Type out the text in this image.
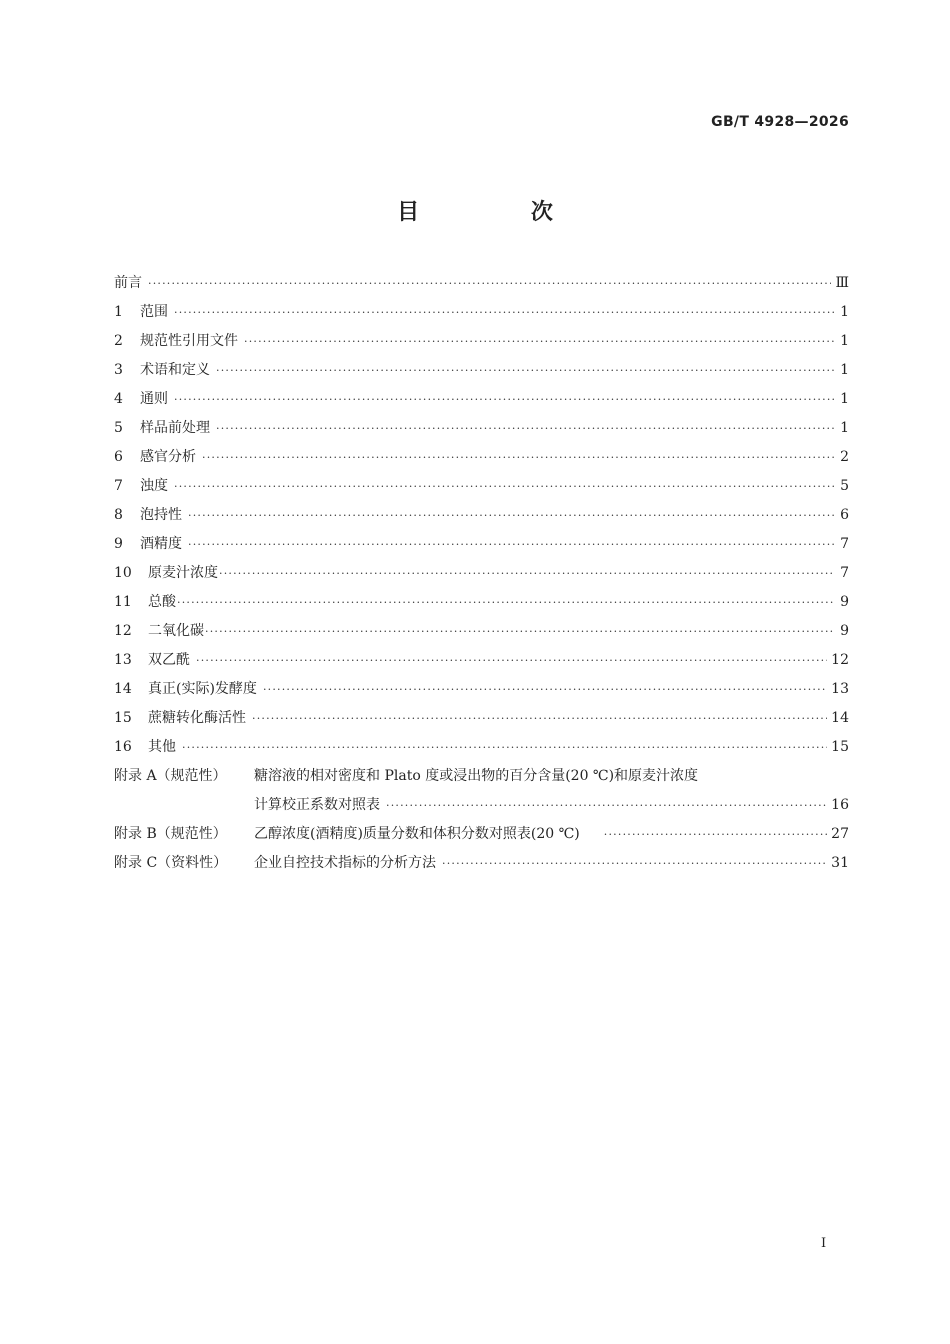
GB/T 4928—2026
目 次
前言 ·····	Ⅲ
1	范围 ·····	1
2	规范性引用文件 ·····	1
3	术语和定义 ·····	1
4	通则 ·····	1
5	样品前处理 ·····	1
6	感官分析 ·····	2
7	浊度 ·····	5
8	泡持性 ·····	6
9	酒精度 ·····	7
10	原麦汁浓度 ·····	7
11	总酸 ·····	9
12	二氧化碳 ·····	9
13	双乙酰 ·····	12
14	真正(实际)发酵度 ·····	13
15	蔗糖转化酶活性 ·····	14
16	其他 ·····	15
附录 A（规范性）	糖溶液的相对密度和 Plato 度或浸出物的百分含量(20 ℃)和原麦汁浓度
计算校正系数对照表 ·····	16
附录 B（规范性）	乙醇浓度(酒精度)质量分数和体积分数对照表(20 ℃) ·····	27
附录 C（资料性）	企业自控技术指标的分析方法 ·····	31
I
